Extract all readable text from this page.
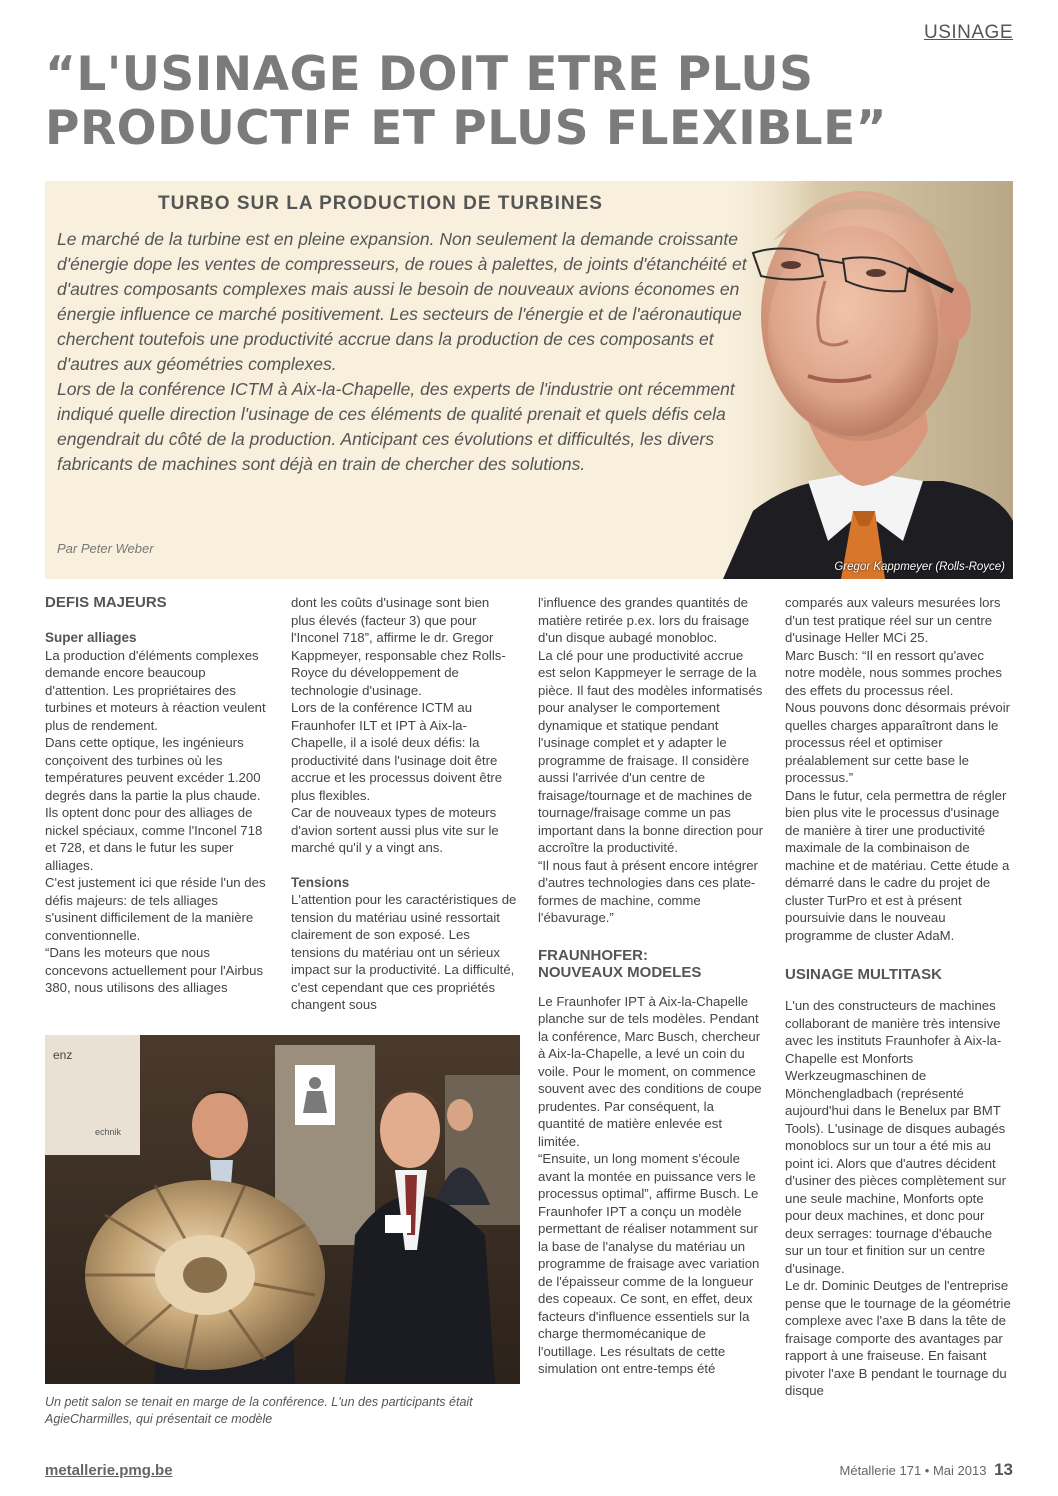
USINAGE
“L'USINAGE DOIT ETRE PLUS
PRODUCTIF ET PLUS FLEXIBLE”
TURBO SUR LA PRODUCTION DE TURBINES

Le marché de la turbine est en pleine expansion. Non seulement la demande croissante d'énergie dope les ventes de compresseurs, de roues à palettes, de joints d'étanchéité et d'autres composants complexes mais aussi le besoin de nouveaux avions économes en énergie influence ce marché positivement. Les secteurs de l'énergie et de l'aéronautique cherchent toutefois une productivité accrue dans la production de ces composants et d'autres aux géométries complexes.

Lors de la conférence ICTM à Aix-la-Chapelle, des experts de l'industrie ont récemment indiqué quelle direction l'usinage de ces éléments de qualité prenait et quels défis cela engendrait du côté de la production. Anticipant ces évolutions et difficultés, les divers fabricants de machines sont déjà en train de chercher des solutions.

Par Peter Weber
Gregor Kappmeyer (Rolls-Royce)
DEFIS MAJEURS
Super alliages

La production d'éléments complexes demande encore beaucoup d'attention. Les propriétaires des turbines et moteurs à réaction veulent plus de rendement.

Dans cette optique, les ingénieurs conçoivent des turbines où les températures peuvent excéder 1.200 degrés dans la partie la plus chaude.

Ils optent donc pour des alliages de nickel spéciaux, comme l'Inconel 718 et 728, et dans le futur les super alliages.

C'est justement ici que réside l'un des défis majeurs: de tels alliages s'usinent difficilement de la manière conventionnelle.

“Dans les moteurs que nous concevons actuellement pour l'Airbus 380, nous utilisons des alliages

dont les coûts d'usinage sont bien plus élevés (facteur 3) que pour l'Inconel 718”, affirme le dr. Gregor Kappmeyer, responsable chez Rolls-Royce du développement de technologie d'usinage.

Lors de la conférence ICTM au Fraunhofer ILT et IPT à Aix-la-Chapelle, il a isolé deux défis: la productivité dans l'usinage doit être accrue et les processus doivent être plus flexibles.

Car de nouveaux types de moteurs d'avion sortent aussi plus vite sur le marché qu'il y a vingt ans.

Tensions

L'attention pour les caractéristiques de tension du matériau usiné ressortait clairement de son exposé. Les tensions du matériau ont un sérieux impact sur la productivité. La difficulté, c'est cependant que ces propriétés changent sous

l'influence des grandes quantités de matière retirée p.ex. lors du fraisage d'un disque aubagé monobloc.

La clé pour une productivité accrue est selon Kappmeyer le serrage de la pièce. Il faut des modèles informatisés pour analyser le comportement dynamique et statique pendant l'usinage complet et y adapter le programme de fraisage. Il considère aussi l'arrivée d'un centre de fraisage/tournage et de machines de tournage/fraisage comme un pas important dans la bonne direction pour accroître la productivité.

“Il nous faut à présent encore intégrer d'autres technologies dans ces plate-formes de machine, comme l'ébavurage.”

FRAUNHOFER:
NOUVEAUX MODELES

Le Fraunhofer IPT à Aix-la-Chapelle planche sur de tels modèles. Pendant la conférence, Marc Busch, chercheur à Aix-la-Chapelle, a levé un coin du voile. Pour le moment, on commence souvent avec des conditions de coupe prudentes. Par conséquent, la quantité de matière enlevée est limitée.

“Ensuite, un long moment s'écoule avant la montée en puissance vers le processus optimal”, affirme Busch. Le Fraunhofer IPT a conçu un modèle permettant de réaliser notamment sur la base de l'analyse du matériau un programme de fraisage avec variation de l'épaisseur comme de la longueur des copeaux. Ce sont, en effet, deux facteurs d'influence essentiels sur la charge thermomécanique de l'outillage. Les résultats de cette simulation ont entre-temps été

comparés aux valeurs mesurées lors d'un test pratique réel sur un centre d'usinage Heller MCi 25.

Marc Busch: “Il en ressort qu'avec notre modèle, nous sommes proches des effets du processus réel.

Nous pouvons donc désormais prévoir quelles charges apparaîtront dans le processus réel et optimiser préalablement sur cette base le processus.”

Dans le futur, cela permettra de régler bien plus vite le processus d'usinage de manière à tirer une productivité maximale de la combinaison de machine et de matériau. Cette étude a démarré dans le cadre du projet de cluster TurPro et est à présent poursuivie dans le nouveau programme de cluster AdaM.

USINAGE MULTITASK

L'un des constructeurs de machines collaborant de manière très intensive avec les instituts Fraunhofer à Aix-la-Chapelle est Monforts Werkzeugmaschinen de Mönchengladbach (représenté aujourd'hui dans le Benelux par BMT Tools). L'usinage de disques aubagés monoblocs sur un tour a été mis au point ici. Alors que d'autres décident d'usiner des pièces complètement sur une seule machine, Monforts opte pour deux machines, et donc pour deux serrages: tournage d'ébauche sur un tour et finition sur un centre d'usinage.

Le dr. Dominic Deutges de l'entreprise pense que le tournage de la géométrie complexe avec l'axe B dans la tête de fraisage comporte des avantages par rapport à une fraiseuse. En faisant pivoter l'axe B pendant le tournage du disque

enz
echnik
Un petit salon se tenait en marge de la conférence. L'un des participants était AgieCharmilles, qui présentait ce modèle
metallerie.pmg.be	Métallerie 171 • Mai 2013 13
